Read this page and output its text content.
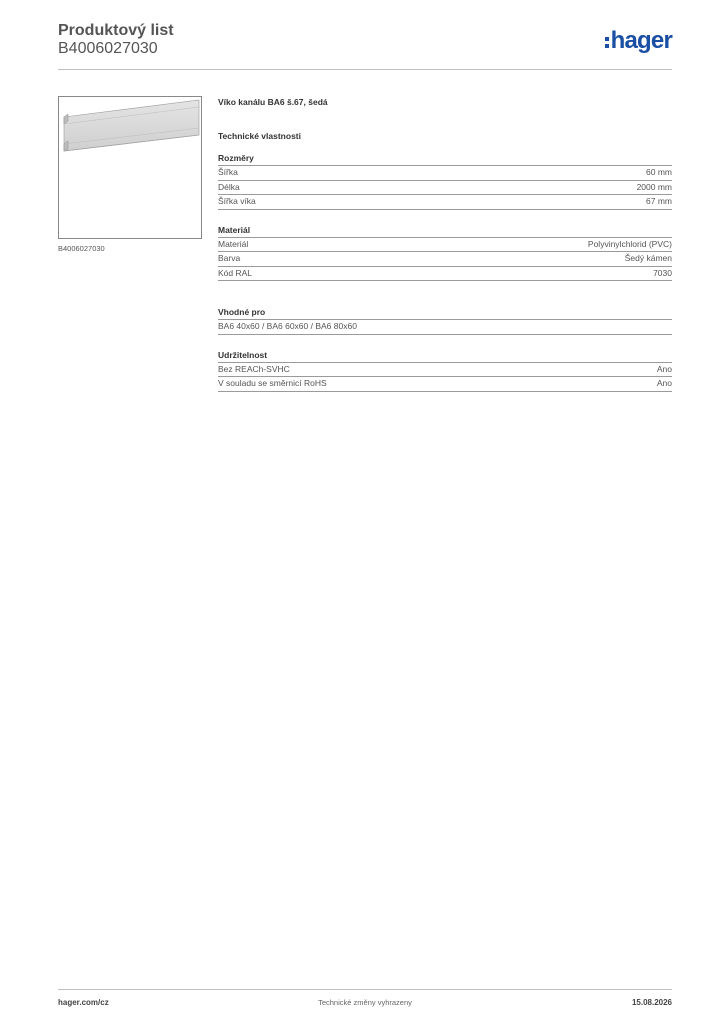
Produktový list
B4006027030	hager
B4006027030
Víko kanálu BA6 š.67, šedá
Technické vlastnosti
Rozměry
Šířka	60 mm
Délka	2000 mm
Šířka víka	67 mm
Materiál
Materiál	Polyvinylchlorid (PVC)
Barva	Šedý kámen
Kód RAL	7030
Vhodné pro
BA6 40x60 / BA6 60x60 / BA6 80x60
Udržitelnost
Bez REACh-SVHC	Ano
V souladu se směrnicí RoHS	Ano
hager.com/cz	Technické změny vyhrazeny	15.08.2026
